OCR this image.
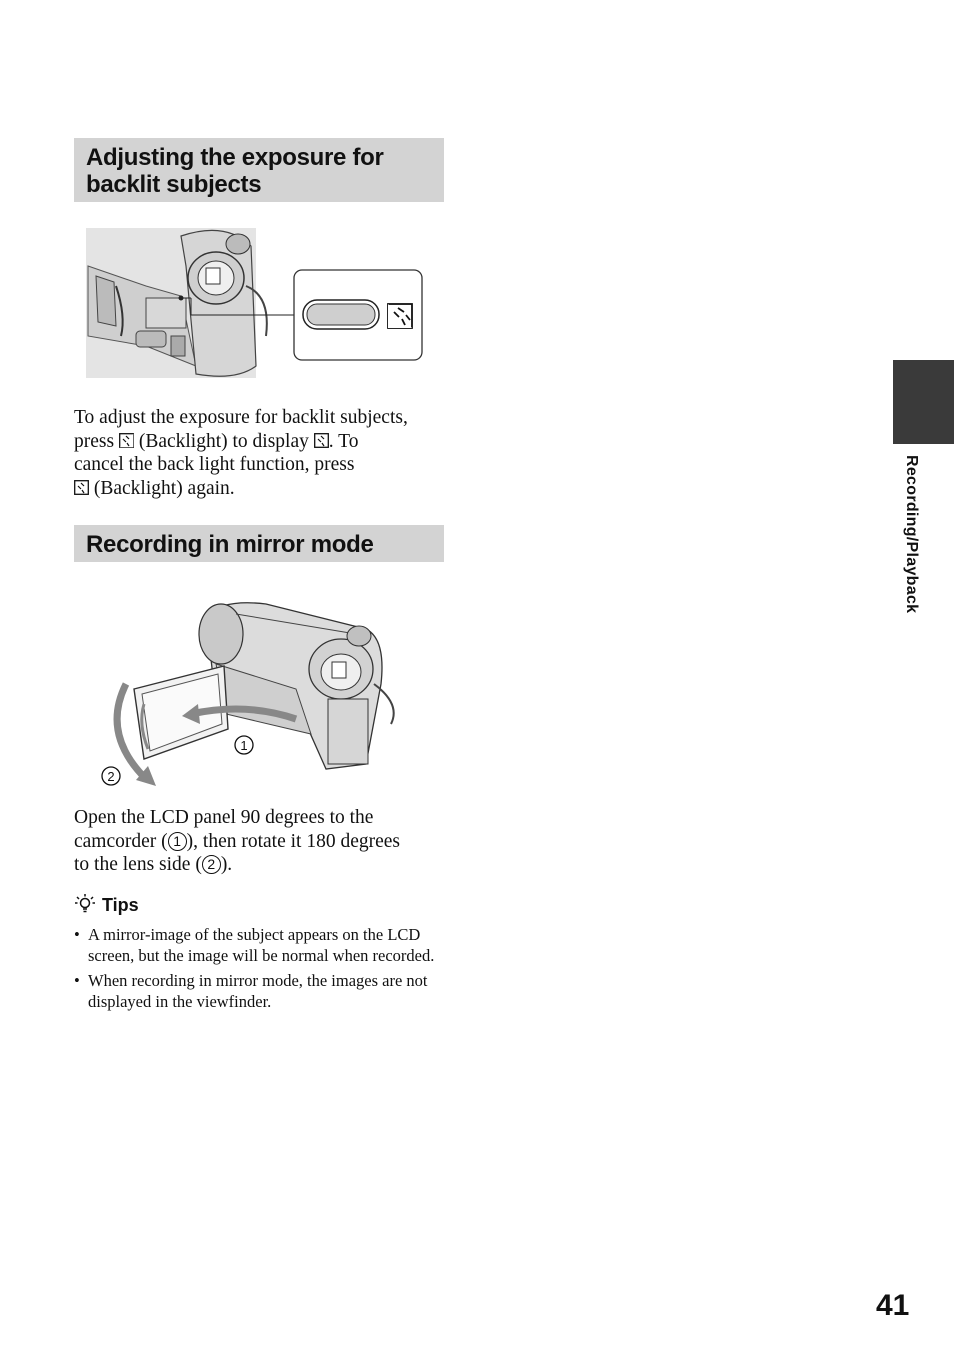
Adjusting the exposure for
backlit subjects
To adjust the exposure for backlit subjects,
press (Backlight) to display . To
cancel the back light function, press
(Backlight) again.
Recording in mirror mode
1
2
Open the LCD panel 90 degrees to the
camcorder ( 1 ), then rotate it 180 degrees
to the lens side ( 2 ).
Tips
• A mirror-image of the subject appears on the LCD screen, but the image will be normal when recorded.
• When recording in mirror mode, the images are not displayed in the viewfinder.
Recording/Playback
41
